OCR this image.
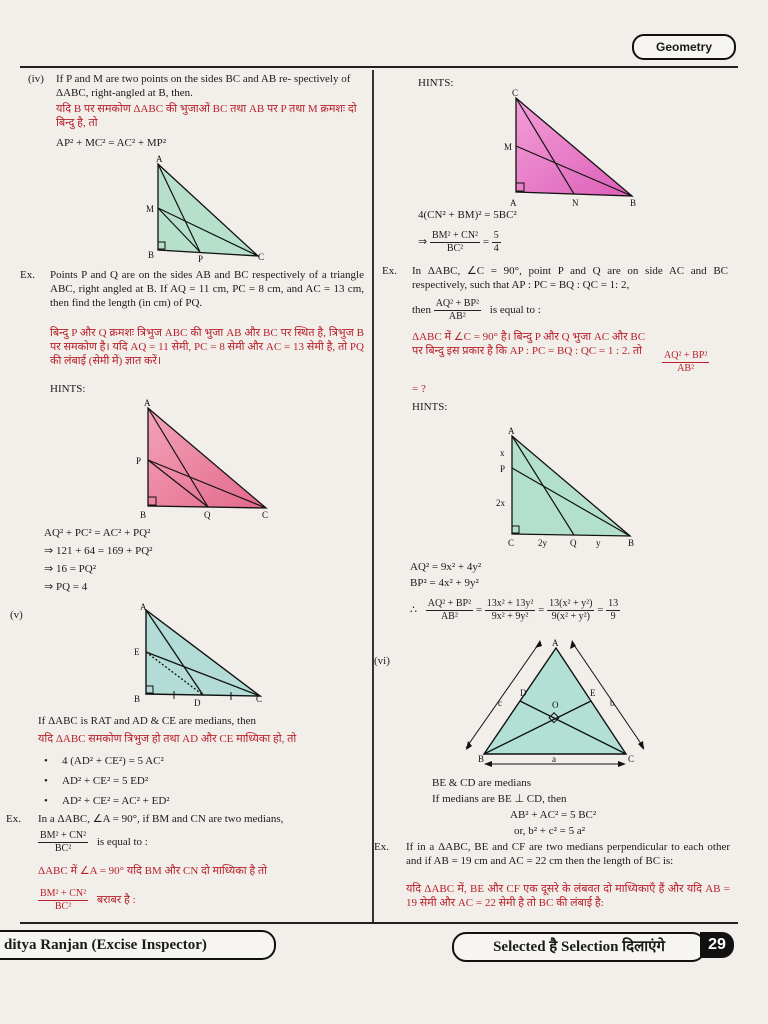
Geometry
(iv) If P and M are two points on the sides BC and AB re- spectively of ΔABC, right-angled at B, then.
यदि B पर समकोण ΔABC की भुजाओं BC तथा AB पर P तथा M क्रमशः दो बिन्दु है, तो
AP² + MC² = AC² + MP²
A
M
B	P	C
Ex. Points P and Q are on the sides AB and BC respectively of a triangle ABC, right angled at B. If AQ = 11 cm, PC = 8 cm, and AC = 13 cm, then find the length (in cm) of PQ.
बिन्दु P और Q क्रमशः त्रिभुज ABC की भुजा AB और BC पर स्थित है, त्रिभुज B पर समकोण है। यदि AQ = 11 सेमी, PC = 8 सेमी और AC = 13 सेमी है, तो PQ की लंबाई (सेमी में) ज्ञात करें।
HINTS:
A
P
B	Q	C
AQ² + PC² = AC² + PQ²
⇒ 121 + 64 = 169 + PQ²
⇒ 16 = PQ²
⇒ PQ = 4
(v)
A
E
B	D	C
If ΔABC is RAT and AD & CE are medians, then
यदि ΔABC समकोण त्रिभुज हो तथा AD और CE माध्यिका हो, तो
• 4 (AD² + CE²) = 5 AC²
• AD² + CE² = 5 ED²
• AD² + CE² = AC² + ED²
Ex. In a ΔABC, ∠A = 90°, if BM and CN are two medians,
$\frac{\text{BM² + CN²}}{\text{BC²}}$ is equal to :
ΔABC में ∠A = 90° यदि BM और CN दो माध्यिका है तो
$\frac{\text{BM² + CN²}}{\text{BC²}}$ बराबर है :
HINTS:
C
M
A	N	B
4(CN² + BM)² = 5BC²
⇒ $\frac{\text{BM² + CN²}}{\text{BC²}} = \frac{5}{4}$
Ex. In ΔABC, ∠C = 90°, point P and Q are on side AC and BC respectively, such that AP : PC = BQ : QC = 1: 2,
then $\frac{\text{AQ² + BP²}}{\text{AB²}}$ is equal to :
ΔABC में ∠C = 90° है। बिन्दु P और Q भुजा AC और BC पर बिन्दु इस प्रकार है कि AP : PC = BQ : QC = 1 : 2. तो	$\frac{\text{AQ² + BP²}}{\text{AB²}}$
= ?
HINTS:
A
x
P
2x
C	2y	Q y	B
AQ² = 9x² + 4y²
BP² = 4x² + 9y²
∴ $\frac{\text{AQ² + BP²}}{\text{AB²}} = \frac{\text{13x² + 13y²}}{\text{9x² + 9y²}} = \frac{\text{13(x² + y²)}}{\text{9(x² + y²)}} = \frac{13}{9}$
(vi)
A
D	E
c	O	b
B	C
a
BE & CD are medians
If medians are BE ⊥ CD, then
AB² + AC² = 5 BC²
or, b² + c² = 5 a²
Ex. If in a ΔABC, BE and CF are two medians perpendicular to each other and if AB = 19 cm and AC = 22 cm then the length of BC is:
यदि ΔABC में, BE और CF एक दूसरे के लंबवत दो माध्यिकाएँ हैं और यदि AB = 19 सेमी और AC = 22 सेमी है तो BC की लंबाई है:
ditya Ranjan (Excise Inspector)	Selected है Selection दिलाएंगे	29
